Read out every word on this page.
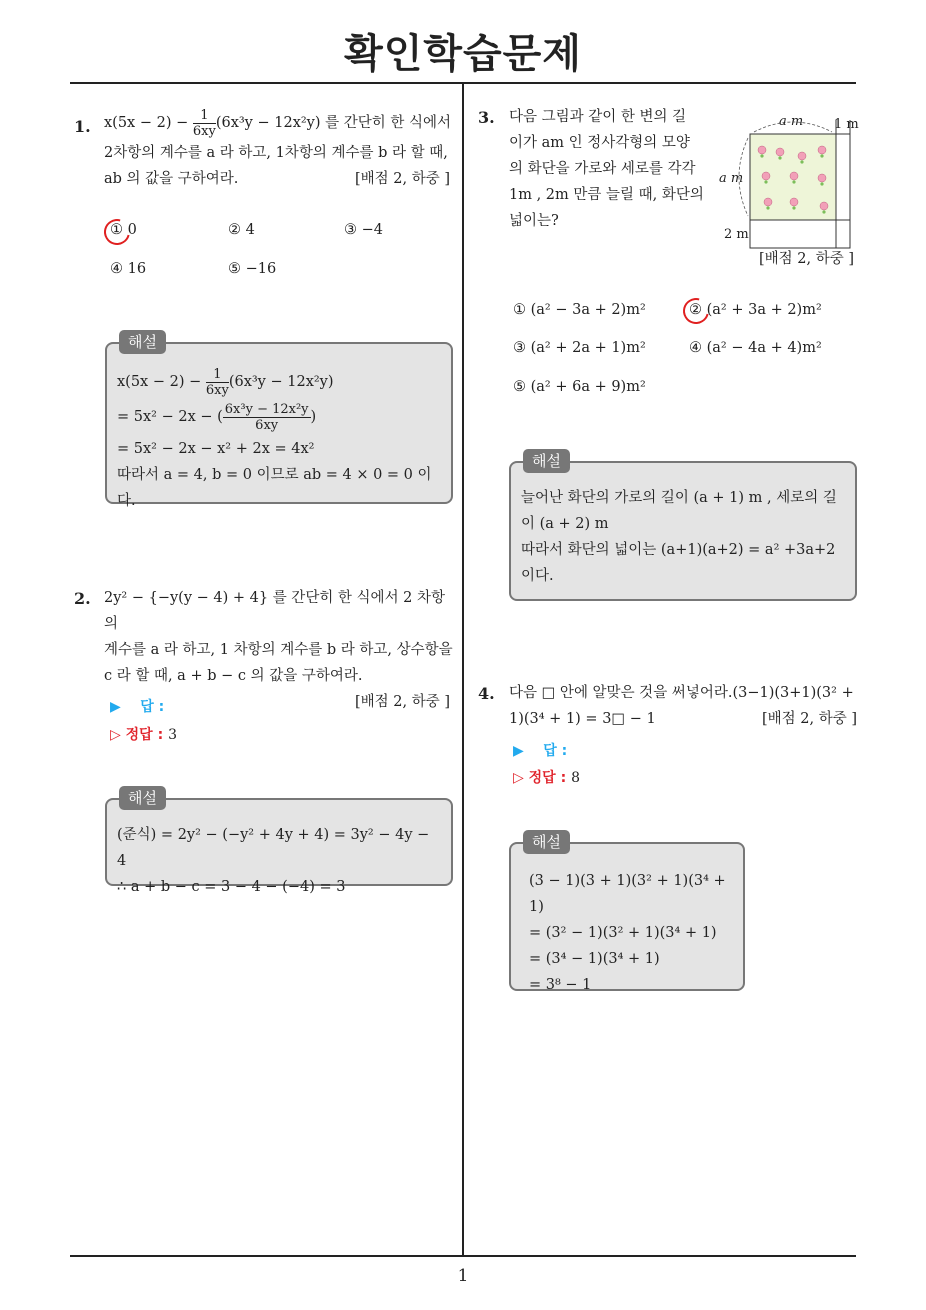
확인학습문제
1
1. $x(5x - 2) - \frac{1}{6xy} (6x^3y - 12x^2y)$ 를 간단히 한 식에서
2차항의 계수를 a 라 하고, 1차항의 계수를 b 라 할 때,
ab 의 값을 구하여라.	[배점 2, 하중 ]
① 0	② 4	③ −4
④ 16	⑤ −16
해설
$x(5x - 2) - \frac{1}{6xy} (6x^3y - 12x^2y)$
= 5x² − 2x − ( $\frac{\text{6x³y − 12x²y}}{6xy}$ )
= 5x² − 2x − x² + 2x = 4x²
따라서 a = 4, b = 0 이므로 ab = 4 × 0 = 0 이다.
2. 2y² − {−y(y − 4) + 4} 를 간단히 한 식에서 2 차항의
계수를 a 라 하고, 1 차항의 계수를 b 라 하고, 상수항을
c 라 할 때, a + b − c 의 값을 구하여라.
[배점 2, 하중 ]
▶ 답 :
▷ 정답 : 3
해설
(준식) = 2y² − (−y² + 4y + 4) = 3y² − 4y − 4
∴ a + b − c = 3 − 4 − (−4) = 3
3. 다음 그림과 같이 한 변의 길
이가 am 인 정사각형의 모양
의 화단을 가로와 세로를 각각
1m , 2m 만큼 늘릴 때, 화단의
넓이는?
a m 1 m
a m
2 m
[배점 2, 하중 ]
① (a² − 3a + 2)m²	② (a² + 3a + 2)m²
③ (a² + 2a + 1)m²	④ (a² − 4a + 4)m²
⑤ (a² + 6a + 9)m²
해설
늘어난 화단의 가로의 길이 (a + 1) m , 세로의 길
이 (a + 2) m
따라서 화단의 넓이는 (a+1)(a+2) = a² +3a+2
이다.
4. 다음 □ 안에 알맞은 것을 써넣어라.(3−1)(3+1)(3² +
1)(3⁴ + 1) = 3□ − 1	[배점 2, 하중 ]
▶ 답 :
▷ 정답 : 8
해설
(3 − 1)(3 + 1)(3² + 1)(3⁴ + 1)
= (3² − 1)(3² + 1)(3⁴ + 1)
= (3⁴ − 1)(3⁴ + 1)
= 3⁸ − 1
